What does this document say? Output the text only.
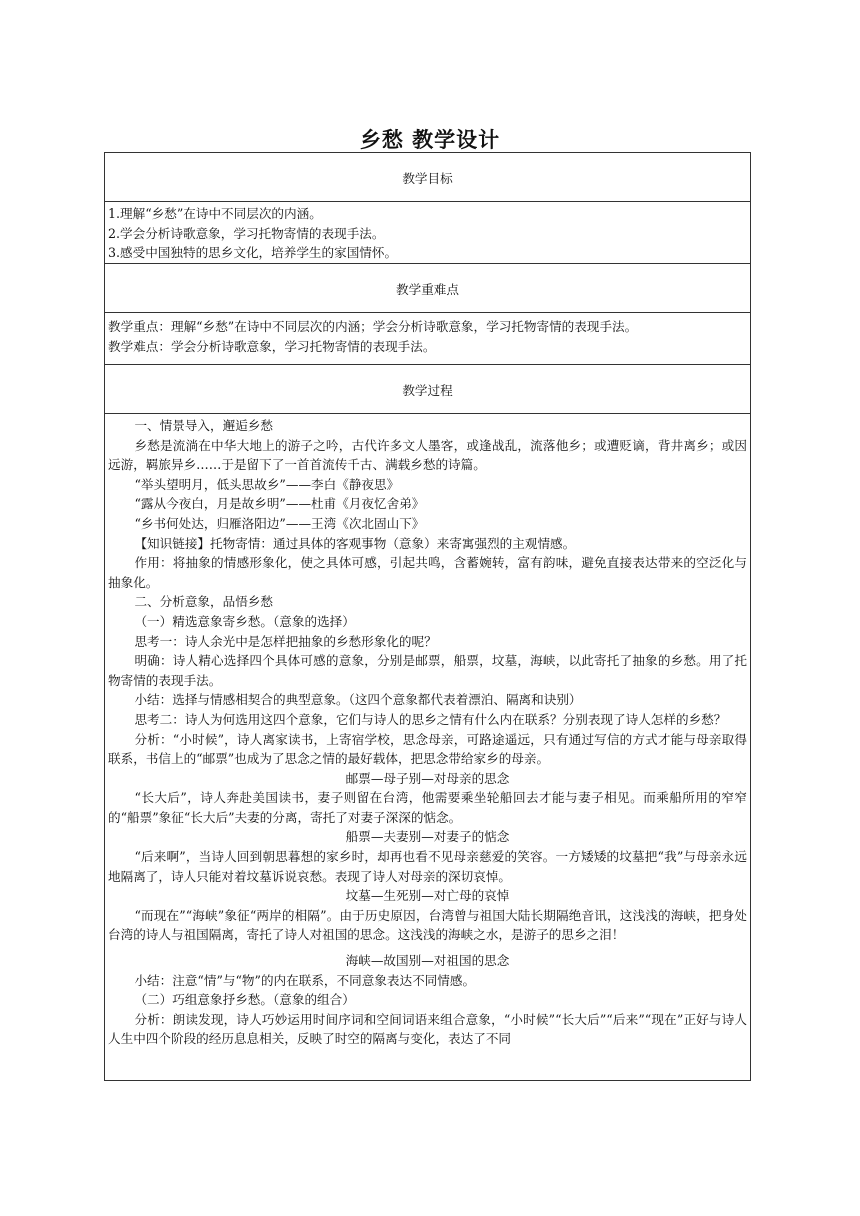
乡愁 教学设计
教学目标

1.理解“乡愁”在诗中不同层次的内涵。
2.学会分析诗歌意象，学习托物寄情的表现手法。
3.感受中国独特的思乡文化，培养学生的家国情怀。

教学重难点

教学重点：理解“乡愁”在诗中不同层次的内涵；学会分析诗歌意象，学习托物寄情的表现手法。
教学难点：学会分析诗歌意象，学习托物寄情的表现手法。

教学过程

一、情景导入，邂逅乡愁
乡愁是流淌在中华大地上的游子之吟，古代许多文人墨客，或逢战乱，流落他乡；或遭贬谪，背井离乡；或因远游，羁旅异乡……于是留下了一首首流传千古、满载乡愁的诗篇。
“举头望明月，低头思故乡”——李白《静夜思》
“露从今夜白，月是故乡明”——杜甫《月夜忆舍弟》
“乡书何处达，归雁洛阳边”——王湾《次北固山下》
【知识链接】托物寄情：通过具体的客观事物（意象）来寄寓强烈的主观情感。
作用：将抽象的情感形象化，使之具体可感，引起共鸣，含蓄婉转，富有韵味，避免直接表达带来的空泛化与抽象化。
二、分析意象，品悟乡愁
（一）精选意象寄乡愁。（意象的选择）
思考一：诗人余光中是怎样把抽象的乡愁形象化的呢？
明确：诗人精心选择四个具体可感的意象，分别是邮票，船票，坟墓，海峡，以此寄托了抽象的乡愁。用了托物寄情的表现手法。
小结：选择与情感相契合的典型意象。（这四个意象都代表着漂泊、隔离和诀别）
思考二：诗人为何选用这四个意象，它们与诗人的思乡之情有什么内在联系？分别表现了诗人怎样的乡愁？
分析：“小时候”，诗人离家读书，上寄宿学校，思念母亲，可路途遥远，只有通过写信的方式才能与母亲取得联系，书信上的“邮票”也成为了思念之情的最好载体，把思念带给家乡的母亲。
邮票—母子别—对母亲的思念
“长大后”，诗人奔赴美国读书，妻子则留在台湾，他需要乘坐轮船回去才能与妻子相见。而乘船所用的窄窄的“船票”象征“长大后”夫妻的分离，寄托了对妻子深深的惦念。
船票—夫妻别—对妻子的惦念
“后来啊”，当诗人回到朝思暮想的家乡时，却再也看不见母亲慈爱的笑容。一方矮矮的坟墓把“我”与母亲永远地隔离了，诗人只能对着坟墓诉说哀愁。表现了诗人对母亲的深切哀悼。
坟墓—生死别—对亡母的哀悼
“而现在”“海峡”象征“两岸的相隔”。由于历史原因，台湾曾与祖国大陆长期隔绝音讯，这浅浅的海峡，把身处台湾的诗人与祖国隔离，寄托了诗人对祖国的思念。这浅浅的海峡之水，是游子的思乡之泪！
海峡—故国别—对祖国的思念
小结：注意“情”与“物”的内在联系，不同意象表达不同情感。
（二）巧组意象抒乡愁。（意象的组合）
分析：朗读发现，诗人巧妙运用时间序词和空间词语来组合意象，“小时候”“长大后”“后来”“现在”正好与诗人人生中四个阶段的经历息息相关，反映了时空的隔离与变化，表达了不同
